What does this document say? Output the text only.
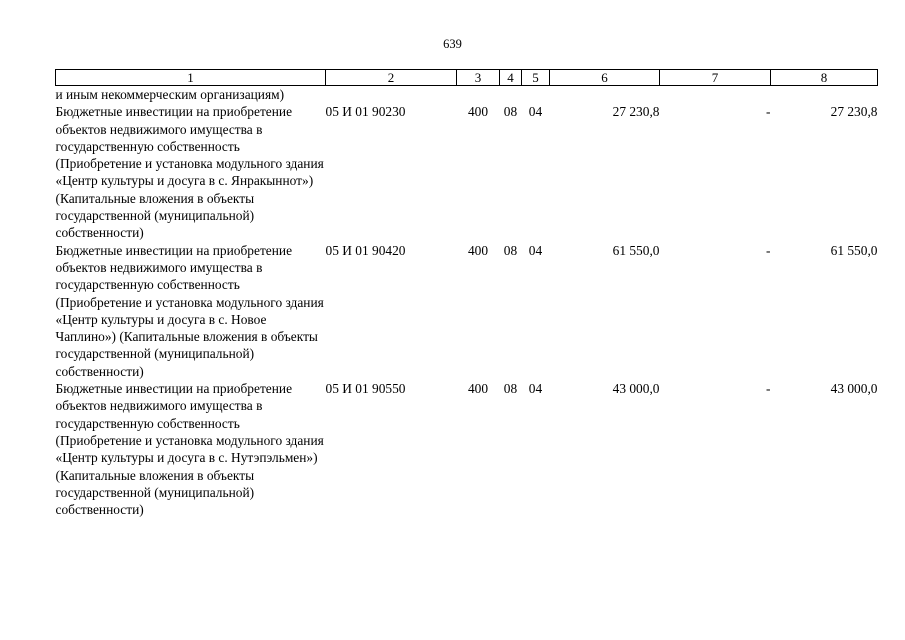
639
1	2	3	4	5	6	7	8
и иным некоммерческим организациям)							
Бюджетные инвестиции на приобретение объектов недвижимого имущества в государственную собственность (Приобретение и установка модульного здания «Центр культуры и досуга в с. Янракыннот») (Капитальные вложения в объекты государственной (муниципальной) собственности)	05 И 01 90230	400	08	04	27 230,8	-	27 230,8
Бюджетные инвестиции на приобретение объектов недвижимого имущества в государственную собственность (Приобретение и установка модульного здания «Центр культуры и досуга в с. Новое Чаплино») (Капитальные вложения в объекты государственной (муниципальной) собственности)	05 И 01 90420	400	08	04	61 550,0	-	61 550,0
Бюджетные инвестиции на приобретение объектов недвижимого имущества в государственную собственность (Приобретение и установка модульного здания «Центр культуры и досуга в с. Нутэпэльмен») (Капитальные вложения в объекты государственной (муниципальной) собственности)	05 И 01 90550	400	08	04	43 000,0	-	43 000,0
